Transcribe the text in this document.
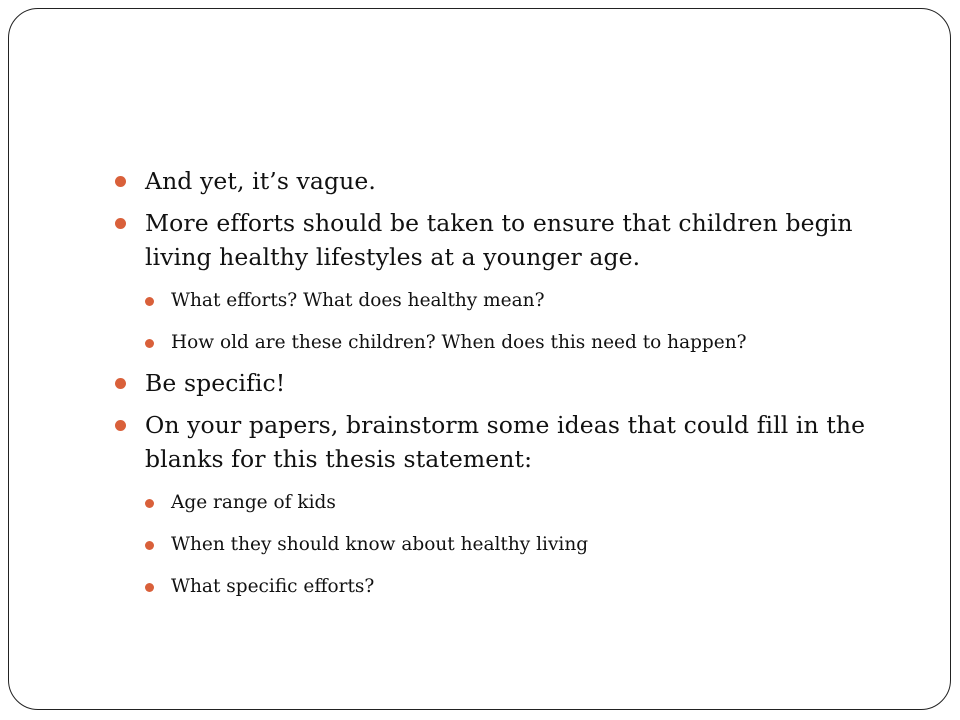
And yet, it’s vague.
More efforts should be taken to ensure that children begin living healthy lifestyles at a younger age.
What efforts? What does healthy mean?
How old are these children? When does this need to happen?
Be specific!
On your papers, brainstorm some ideas that could fill in the blanks for this thesis statement:
Age range of kids
When they should know about healthy living
What specific efforts?
